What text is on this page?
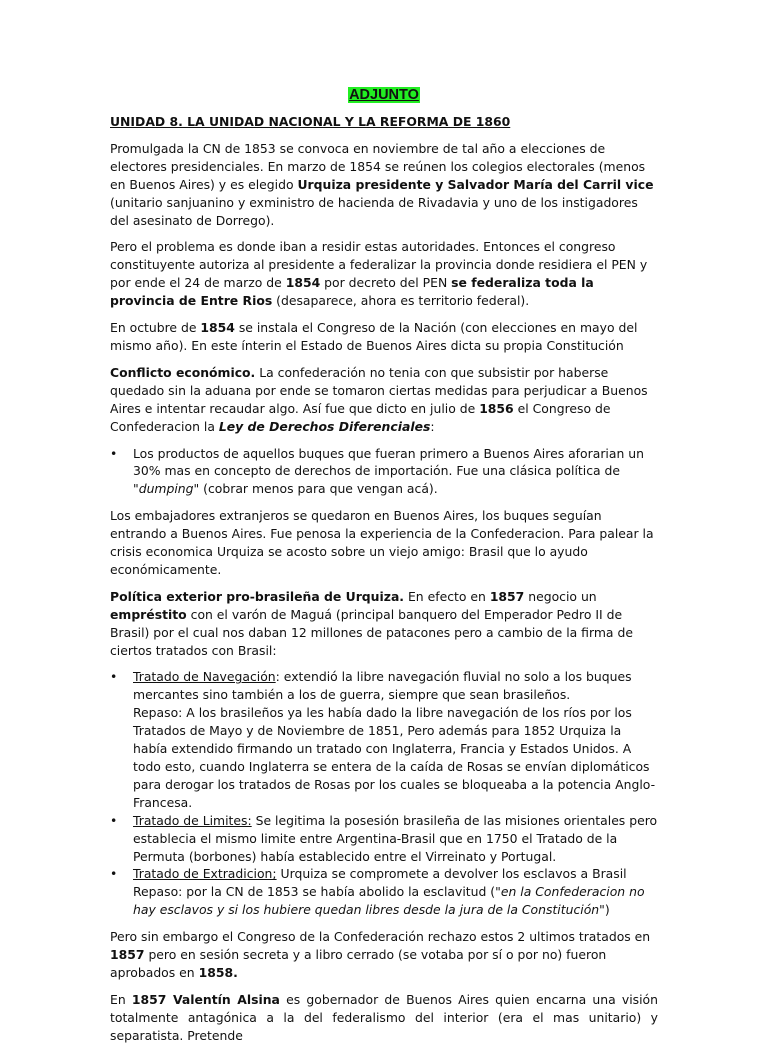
ADJUNTO
UNIDAD 8. LA UNIDAD NACIONAL Y LA REFORMA DE 1860

Promulgada la CN de 1853 se convoca en noviembre de tal año a elecciones de electores presidenciales. En marzo de 1854 se reúnen los colegios electorales (menos en Buenos Aires) y es elegido Urquiza presidente y Salvador María del Carril vice (unitario sanjuanino y exministro de hacienda de Rivadavia y uno de los instigadores del asesinato de Dorrego).

Pero el problema es donde iban a residir estas autoridades. Entonces el congreso constituyente autoriza al presidente a federalizar la provincia donde residiera el PEN y por ende el 24 de marzo de 1854 por decreto del PEN se federaliza toda la provincia de Entre Rios (desaparece, ahora es territorio federal).

En octubre de 1854 se instala el Congreso de la Nación (con elecciones en mayo del mismo año). En este ínterin el Estado de Buenos Aires dicta su propia Constitución

Conflicto económico. La confederación no tenia con que subsistir por haberse quedado sin la aduana por ende se tomaron ciertas medidas para perjudicar a Buenos Aires e intentar recaudar algo. Así fue que dicto en julio de 1856 el Congreso de Confederacion la Ley de Derechos Diferenciales:

• Los productos de aquellos buques que fueran primero a Buenos Aires aforarian un 30% mas en concepto de derechos de importación. Fue una clásica política de "dumping" (cobrar menos para que vengan acá).

Los embajadores extranjeros se quedaron en Buenos Aires, los buques seguían entrando a Buenos Aires. Fue penosa la experiencia de la Confederacion. Para palear la crisis economica Urquiza se acosto sobre un viejo amigo: Brasil que lo ayudo económicamente.

Política exterior pro-brasileña de Urquiza. En efecto en 1857 negocio un empréstito con el varón de Maguá (principal banquero del Emperador Pedro II de Brasil) por el cual nos daban 12 millones de patacones pero a cambio de la firma de ciertos tratados con Brasil:

• Tratado de Navegación: extendió la libre navegación fluvial no solo a los buques mercantes sino también a los de guerra, siempre que sean brasileños.
Repaso: A los brasileños ya les había dado la libre navegación de los ríos por los Tratados de Mayo y de Noviembre de 1851, Pero además para 1852 Urquiza la había extendido firmando un tratado con Inglaterra, Francia y Estados Unidos. A todo esto, cuando Inglaterra se entera de la caída de Rosas se envían diplomáticos para derogar los tratados de Rosas por los cuales se bloqueaba a la potencia Anglo-Francesa.
• Tratado de Limites: Se legitima la posesión brasileña de las misiones orientales pero establecia el mismo limite entre Argentina-Brasil que en 1750 el Tratado de la Permuta (borbones) había establecido entre el Virreinato y Portugal.
• Tratado de Extradicion; Urquiza se compromete a devolver los esclavos a Brasil
Repaso: por la CN de 1853 se había abolido la esclavitud ("en la Confederacion no hay esclavos y si los hubiere quedan libres desde la jura de la Constitución")

Pero sin embargo el Congreso de la Confederación rechazo estos 2 ultimos tratados en 1857 pero en sesión secreta y a libro cerrado (se votaba por sí o por no) fueron aprobados en 1858.

En 1857 Valentín Alsina es gobernador de Buenos Aires quien encarna una visión totalmente antagónica a la del federalismo del interior (era el mas unitario) y separatista. Pretende
